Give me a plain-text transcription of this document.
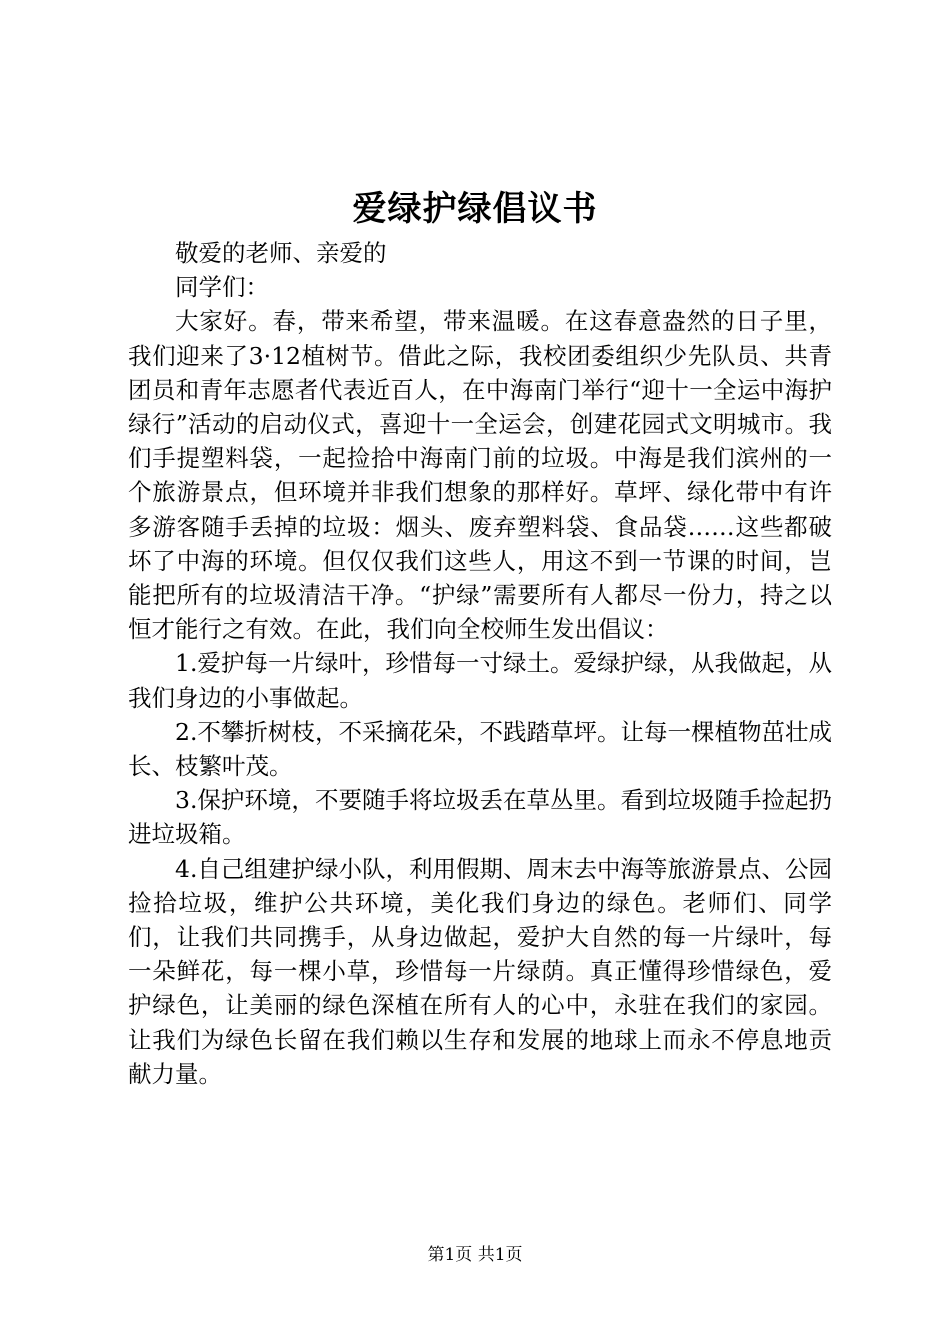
爱绿护绿倡议书

敬爱的老师、亲爱的

同学们：

大家好。春，带来希望，带来温暖。在这春意盎然的日子里，我们迎来了3·12植树节。借此之际，我校团委组织少先队员、共青团员和青年志愿者代表近百人，在中海南门举行“迎十一全运中海护绿行”活动的启动仪式，喜迎十一全运会，创建花园式文明城市。我们手提塑料袋，一起捡拾中海南门前的垃圾。中海是我们滨州的一个旅游景点，但环境并非我们想象的那样好。草坪、绿化带中有许多游客随手丢掉的垃圾：烟头、废弃塑料袋、食品袋……这些都破坏了中海的环境。但仅仅我们这些人，用这不到一节课的时间，岂能把所有的垃圾清洁干净。“护绿”需要所有人都尽一份力，持之以恒才能行之有效。在此，我们向全校师生发出倡议：

1.爱护每一片绿叶，珍惜每一寸绿土。爱绿护绿，从我做起，从我们身边的小事做起。

2.不攀折树枝，不采摘花朵，不践踏草坪。让每一棵植物茁壮成长、枝繁叶茂。

3.保护环境，不要随手将垃圾丢在草丛里。看到垃圾随手捡起扔进垃圾箱。

4.自己组建护绿小队，利用假期、周末去中海等旅游景点、公园捡拾垃圾，维护公共环境，美化我们身边的绿色。老师们、同学们，让我们共同携手，从身边做起，爱护大自然的每一片绿叶，每一朵鲜花，每一棵小草，珍惜每一片绿荫。真正懂得珍惜绿色，爱护绿色，让美丽的绿色深植在所有人的心中，永驻在我们的家园。让我们为绿色长留在我们赖以生存和发展的地球上而永不停息地贡献力量。

第1页 共1页
